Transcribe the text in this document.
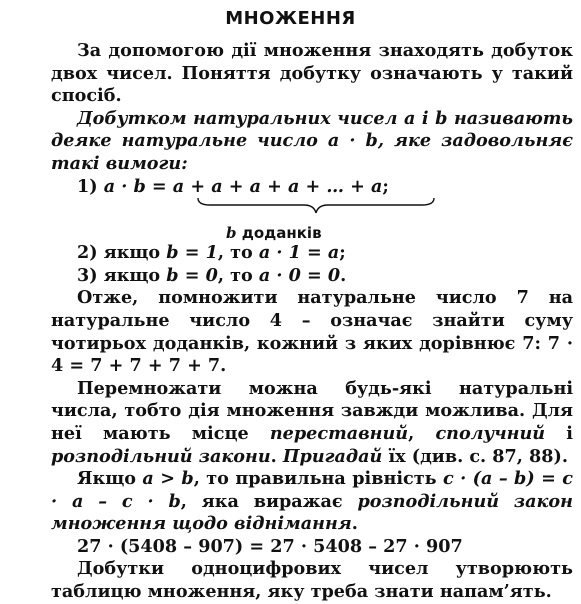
МНОЖЕННЯ

За допомогою дії множення знаходять добуток двох чисел. Поняття добутку означають у такий спосіб.

Добутком натуральних чисел a і b називають деяке натуральне число a · b, яке задовольняє такі вимоги:

1) a · b = a + a + a + a + … + a;

b доданків

2) якщо b = 1, то a · 1 = a;

3) якщо b = 0, то a · 0 = 0.

Отже, помножити натуральне число 7 на натуральне число 4 – означає знайти суму чотирьох доданків, кожний з яких дорівнює 7: 7 · 4 = 7 + 7 + 7 + 7.

Перемножати можна будь-які натуральні числа, тобто дія множення завжди можлива. Для неї мають місце переставний, сполучний і розподільний закони. Пригадай їх (див. с. 87, 88).

Якщо a > b, то правильна рівність c · (a – b) = c · a – c · b, яка виражає розподільний закон множення щодо віднімання.

27 · (5408 – 907) = 27 · 5408 – 27 · 907

Добутки одноцифрових чисел утворюють таблицю множення, яку треба знати напам’ять.
